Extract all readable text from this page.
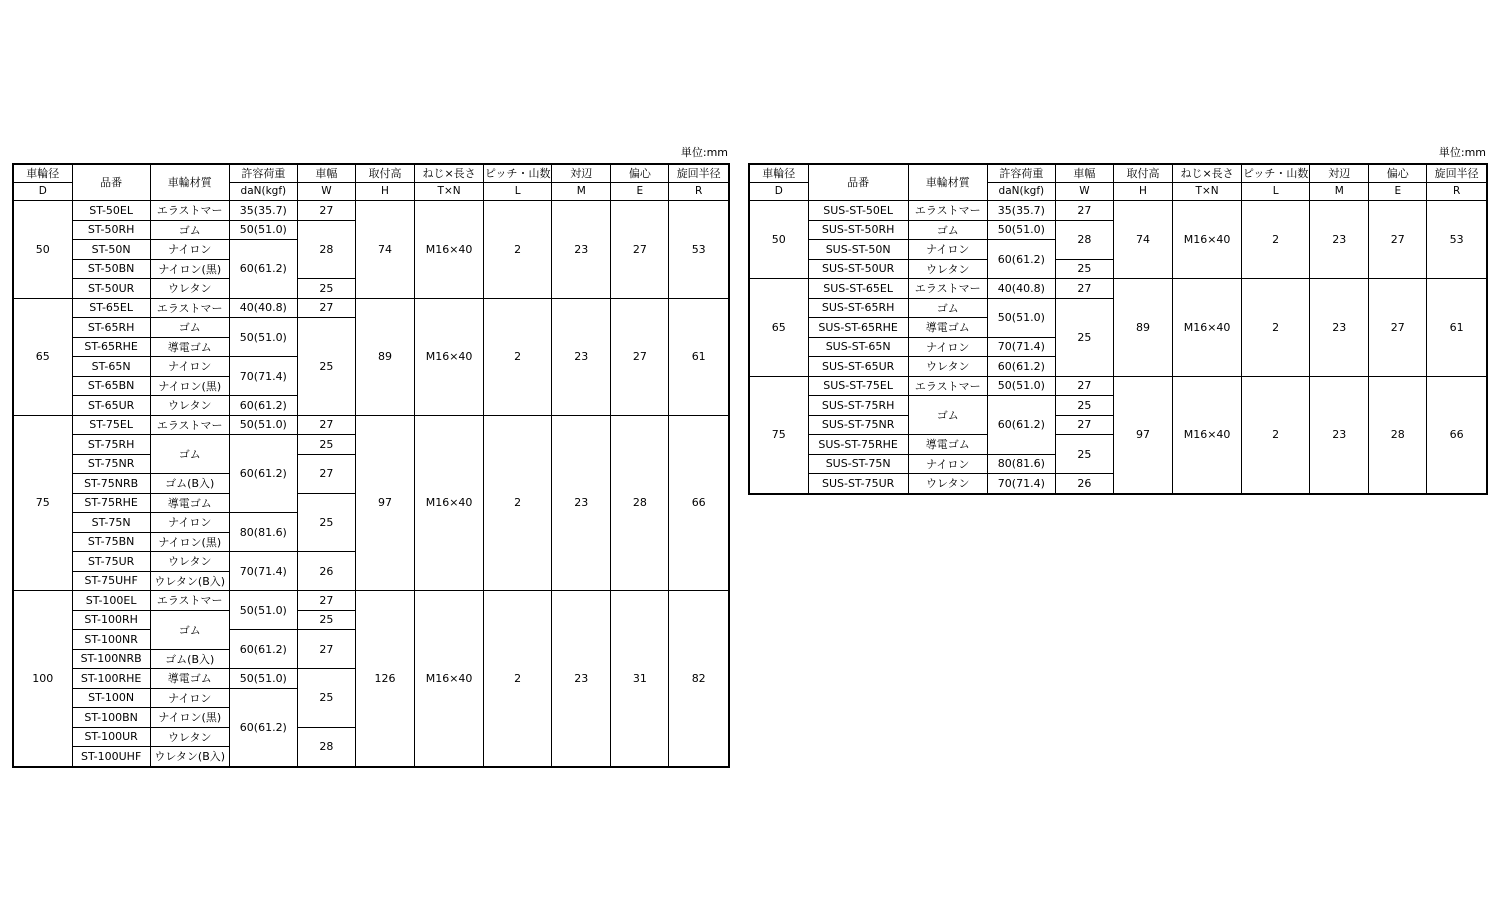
単位:mm
車輪径	品番	車輪材質	許容荷重	車幅	取付高	ねじ×長さ	ピッチ・山数	対辺	偏心	旋回半径
D			daN(kgf)	W	H	T×N	L	M	E	R
50	ST-50EL	エラストマー	35(35.7)	27	74	M16×40	2	23	27	53
	ST-50RH	ゴム	50(51.0)	28						
	ST-50N	ナイロン	60(61.2)							
	ST-50BN	ナイロン(黒)								
	ST-50UR	ウレタン		25						
65	ST-65EL	エラストマー	40(40.8)	27	89	M16×40	2	23	27	61
	ST-65RH	ゴム	50(51.0)	25						
	ST-65RHE	導電ゴム								
	ST-65N	ナイロン	70(71.4)							
	ST-65BN	ナイロン(黒)								
	ST-65UR	ウレタン	60(61.2)							
75	ST-75EL	エラストマー	50(51.0)	27	97	M16×40	2	23	28	66
	ST-75RH	ゴム	60(61.2)	25						
	ST-75NR			27						
	ST-75NRB	ゴム(B入)								
	ST-75RHE	導電ゴム		25						
	ST-75N	ナイロン	80(81.6)							
	ST-75BN	ナイロン(黒)								
	ST-75UR	ウレタン	70(71.4)	26						
	ST-75UHF	ウレタン(B入)								
100	ST-100EL	エラストマー	50(51.0)	27	126	M16×40	2	23	31	82
	ST-100RH	ゴム		25						
	ST-100NR		60(61.2)	27						
	ST-100NRB	ゴム(B入)								
	ST-100RHE	導電ゴム	50(51.0)	25						
	ST-100N	ナイロン	60(61.2)							
	ST-100BN	ナイロン(黒)								
	ST-100UR	ウレタン		28						
	ST-100UHF	ウレタン(B入)								
単位:mm
車輪径	品番	車輪材質	許容荷重	車幅	取付高	ねじ×長さ	ピッチ・山数	対辺	偏心	旋回半径
D			daN(kgf)	W	H	T×N	L	M	E	R
50	SUS-ST-50EL	エラストマー	35(35.7)	27	74	M16×40	2	23	27	53
	SUS-ST-50RH	ゴム	50(51.0)	28						
	SUS-ST-50N	ナイロン	60(61.2)							
	SUS-ST-50UR	ウレタン		25						
65	SUS-ST-65EL	エラストマー	40(40.8)	27	89	M16×40	2	23	27	61
	SUS-ST-65RH	ゴム	50(51.0)	25						
	SUS-ST-65RHE	導電ゴム								
	SUS-ST-65N	ナイロン	70(71.4)							
	SUS-ST-65UR	ウレタン	60(61.2)							
75	SUS-ST-75EL	エラストマー	50(51.0)	27	97	M16×40	2	23	28	66
	SUS-ST-75RH	ゴム	60(61.2)	25						
	SUS-ST-75NR			27						
	SUS-ST-75RHE	導電ゴム		25						
	SUS-ST-75N	ナイロン	80(81.6)							
	SUS-ST-75UR	ウレタン	70(71.4)	26						
